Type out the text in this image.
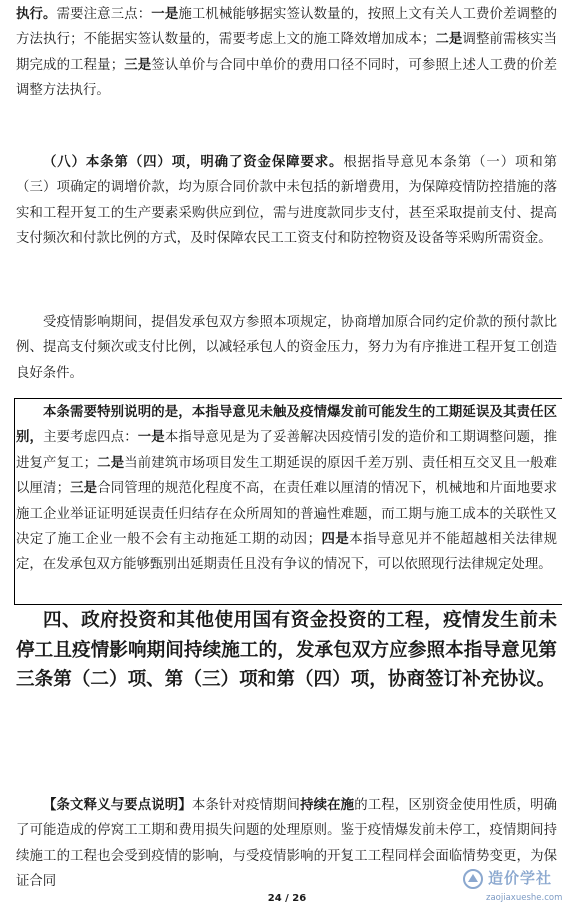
执行。需要注意三点：一是施工机械能够据实签认数量的，按照上文有关人工费价差调整的方法执行；不能据实签认数量的，需要考虑上文的施工降效增加成本；二是调整前需核实当期完成的工程量；三是签认单价与合同中单价的费用口径不同时，可参照上述人工费的价差调整方法执行。

（八）本条第（四）项，明确了资金保障要求。根据指导意见本条第（一）项和第（三）项确定的调增价款，均为原合同价款中未包括的新增费用，为保障疫情防控措施的落实和工程开复工的生产要素采购供应到位，需与进度款同步支付，甚至采取提前支付、提高支付频次和付款比例的方式，及时保障农民工工资支付和防控物资及设备等采购所需资金。

受疫情影响期间，提倡发承包双方参照本项规定，协商增加原合同约定价款的预付款比例、提高支付频次或支付比例，以减轻承包人的资金压力，努力为有序推进工程开复工创造良好条件。

本条需要特别说明的是，本指导意见未触及疫情爆发前可能发生的工期延误及其责任区别，主要考虑四点：一是本指导意见是为了妥善解决因疫情引发的造价和工期调整问题，推进复产复工；二是当前建筑市场项目发生工期延误的原因千差万别、责任相互交叉且一般难以厘清；三是合同管理的规范化程度不高，在责任难以厘清的情况下，机械地和片面地要求施工企业举证证明延误责任归结存在众所周知的普遍性难题，而工期与施工成本的关联性又决定了施工企业一般不会有主动拖延工期的动因；四是本指导意见并不能超越相关法律规定，在发承包双方能够甄别出延期责任且没有争议的情况下，可以依照现行法律规定处理。

四、政府投资和其他使用国有资金投资的工程，疫情发生前未停工且疫情影响期间持续施工的，发承包双方应参照本指导意见第三条第（二）项、第（三）项和第（四）项，协商签订补充协议。

【条文释义与要点说明】本条针对疫情期间持续在施的工程，区别资金使用性质，明确了可能造成的停窝工工期和费用损失问题的处理原则。鉴于疫情爆发前未停工，疫情期间持续施工的工程也会受到疫情的影响，与受疫情影响的开复工工程同样会面临情势变更，为保证合同

24 / 26
造价学社
zaojiaxueshe.com
